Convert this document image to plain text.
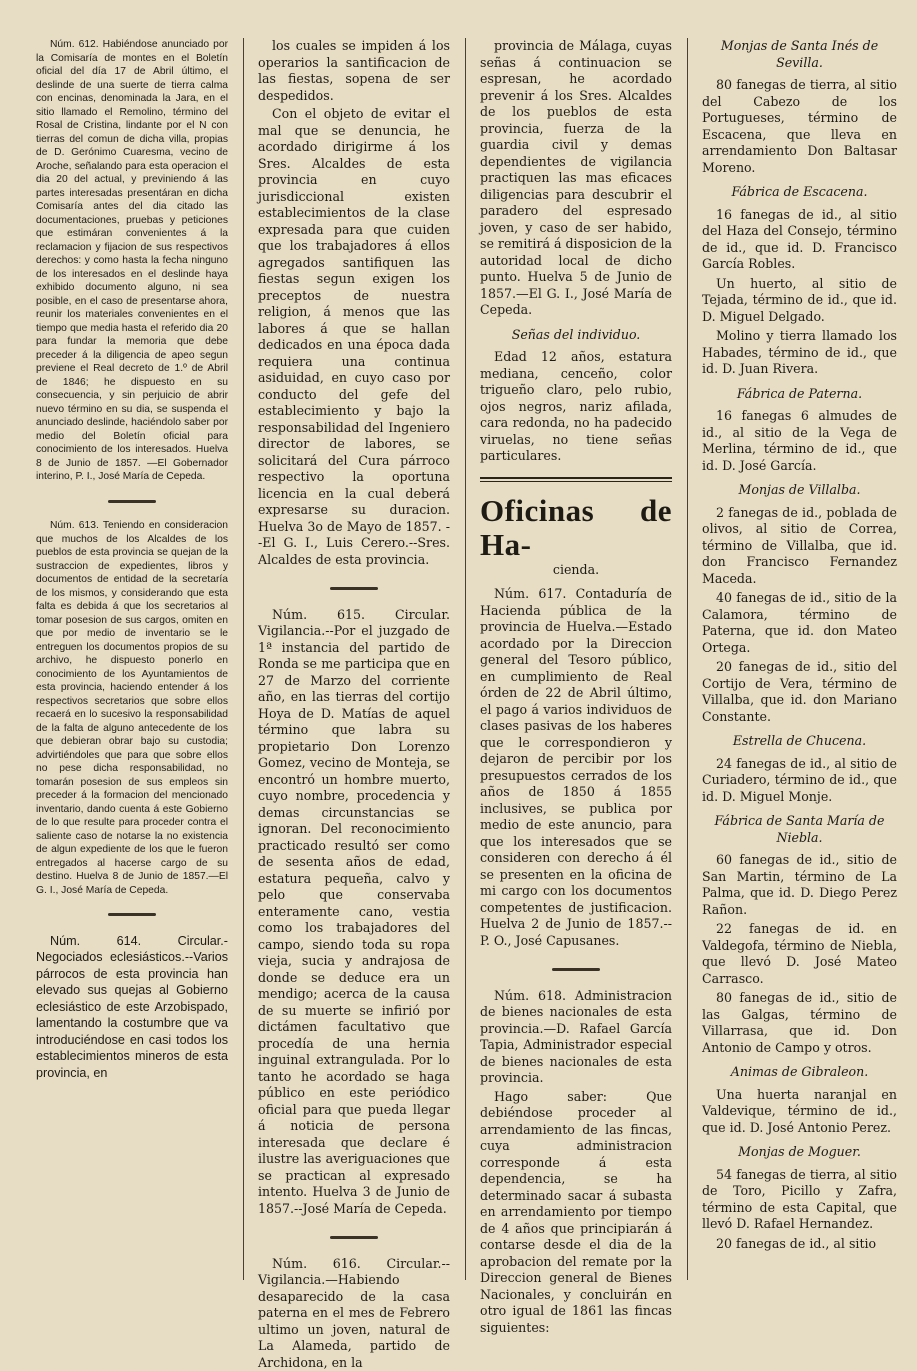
Núm. 612. Habiéndose anunciado por la Comisaría de montes en el Boletín oficial del día 17 de Abril último, el deslinde de una suerte de tierra calma con encinas, denominada la Jara, en el sitio llamado el Remolino, término del Rosal de Cristina, lindante por el N con tierras del comun de dicha villa, propias de D. Gerónimo Cuaresma, vecino de Aroche, señalando para esta operacion el dia 20 del actual, y previniendo á las partes interesadas presentáran en dicha Comisaría antes del dia citado las documentaciones, pruebas y peticiones que estimáran convenientes á la reclamacion y fijacion de sus respectivos derechos: y como hasta la fecha ninguno de los interesados en el deslinde haya exhibido documento alguno, ni sea posible, en el caso de presentarse ahora, reunir los materiales convenientes en el tiempo que media hasta el referido dia 20 para fundar la memoria que debe preceder á la diligencia de apeo segun previene el Real decreto de 1.º de Abril de 1846; he dispuesto en su consecuencia, y sin perjuicio de abrir nuevo término en su dia, se suspenda el anunciado deslinde, haciéndolo saber por medio del Boletín oficial para conocimiento de los interesados. Huelva 8 de Junio de 1857. —El Gobernador interino, P. I., José María de Cepeda.

Núm. 613. Teniendo en consideracion que muchos de los Alcaldes de los pueblos de esta provincia se quejan de la sustraccion de expedientes, libros y documentos de entidad de la secretaría de los mismos, y considerando que esta falta es debida á que los secretarios al tomar posesion de sus cargos, omiten en que por medio de inventario se le entreguen los documentos propios de su archivo, he dispuesto ponerlo en conocimiento de los Ayuntamientos de esta provincia, haciendo entender á los respectivos secretarios que sobre ellos recaerá en lo sucesivo la responsabilidad de la falta de alguno antecedente de los que debieran obrar bajo su custodia; advirtiéndoles que para que sobre ellos no pese dicha responsabilidad, no tomarán posesion de sus empleos sin preceder á la formacion del mencionado inventario, dando cuenta á este Gobierno de lo que resulte para proceder contra el saliente caso de notarse la no existencia de algun expediente de los que le fueron entregados al hacerse cargo de su destino. Huelva 8 de Junio de 1857.—El G. I., José María de Cepeda.

Núm. 614. Circular.-Negociados eclesiásticos.--Varios párrocos de esta provincia han elevado sus quejas al Gobierno eclesiástico de este Arzobispado, lamentando la costumbre que va introduciéndose en casi todos los establecimientos mineros de esta provincia, en

los cuales se impiden á los operarios la santificacion de las fiestas, sopena de ser despedidos.

Con el objeto de evitar el mal que se denuncia, he acordado dirigirme á los Sres. Alcaldes de esta provincia en cuyo jurisdiccional existen establecimientos de la clase expresada para que cuiden que los trabajadores á ellos agregados santifiquen las fiestas segun exigen los preceptos de nuestra religion, á menos que las labores á que se hallan dedicados en una época dada requiera una continua asiduidad, en cuyo caso por conducto del gefe del establecimiento y bajo la responsabilidad del Ingeniero director de labores, se solicitará del Cura párroco respectivo la oportuna licencia en la cual deberá expresarse su duracion. Huelva 3o de Mayo de 1857. --El G. I., Luis Cerero.--Sres. Alcaldes de esta provincia.

Núm. 615. Circular. Vigilancia.--Por el juzgado de 1ª instancia del partido de Ronda se me participa que en 27 de Marzo del corriente año, en las tierras del cortijo Hoya de D. Matías de aquel término que labra su propietario Don Lorenzo Gomez, vecino de Monteja, se encontró un hombre muerto, cuyo nombre, procedencia y demas circunstancias se ignoran. Del reconocimiento practicado resultó ser como de sesenta años de edad, estatura pequeña, calvo y pelo que conservaba enteramente cano, vestia como los trabajadores del campo, siendo toda su ropa vieja, sucia y andrajosa de donde se deduce era un mendigo; acerca de la causa de su muerte se infirió por dictámen facultativo que procedía de una hernia inguinal extrangulada. Por lo tanto he acordado se haga público en este periódico oficial para que pueda llegar á noticia de persona interesada que declare é ilustre las averiguaciones que se practican al expresado intento. Huelva 3 de Junio de 1857.--José María de Cepeda.

Núm. 616. Circular.--Vigilancia.—Habiendo desaparecido de la casa paterna en el mes de Febrero ultimo un joven, natural de La Alameda, partido de Archidona, en la

provincia de Málaga, cuyas señas á continuacion se espresan, he acordado prevenir á los Sres. Alcaldes de los pueblos de esta provincia, fuerza de la guardia civil y demas dependientes de vigilancia practiquen las mas eficaces diligencias para descubrir el paradero del espresado joven, y caso de ser habido, se remitirá á disposicion de la autoridad local de dicho punto. Huelva 5 de Junio de 1857.—El G. I., José María de Cepeda.

Señas del individuo.

Edad 12 años, estatura mediana, cenceño, color trigueño claro, pelo rubio, ojos negros, nariz afilada, cara redonda, no ha padecido viruelas, no tiene señas particulares.

Oficinas de Ha-

cienda.

Núm. 617. Contaduría de Hacienda pública de la provincia de Huelva.—Estado acordado por la Direccion general del Tesoro público, en cumplimiento de Real órden de 22 de Abril último, el pago á varios individuos de clases pasivas de los haberes que le correspondieron y dejaron de percibir por los presupuestos cerrados de los años de 1850 á 1855 inclusives, se publica por medio de este anuncio, para que los interesados que se consideren con derecho á él se presenten en la oficina de mi cargo con los documentos competentes de justificacion. Huelva 2 de Junio de 1857.-- P. O., José Capusanes.

Núm. 618. Administracion de bienes nacionales de esta provincia.—D. Rafael García Tapia, Administrador especial de bienes nacionales de esta provincia.

Hago saber: Que debiéndose proceder al arrendamiento de las fincas, cuya administracion corresponde á esta dependencia, se ha determinado sacar á subasta en arrendamiento por tiempo de 4 años que principiarán á contarse desde el dia de la aprobacion del remate por la Direccion general de Bienes Nacionales, y concluirán en otro igual de 1861 las fincas siguientes:

Monjas de Santa Inés de Sevilla.

80 fanegas de tierra, al sitio del Cabezo de los Portugueses, término de Escacena, que lleva en arrendamiento Don Baltasar Moreno.

Fábrica de Escacena.

16 fanegas de id., al sitio del Haza del Consejo, término de id., que id. D. Francisco García Robles.

Un huerto, al sitio de Tejada, término de id., que id. D. Miguel Delgado.

Molino y tierra llamado los Habades, término de id., que id. D. Juan Rivera.

Fábrica de Paterna.

16 fanegas 6 almudes de id., al sitio de la Vega de Merlina, término de id., que id. D. José García.

Monjas de Villalba.

2 fanegas de id., poblada de olivos, al sitio de Correa, término de Villalba, que id. don Francisco Fernandez Maceda.

40 fanegas de id., sitio de la Calamora, término de Paterna, que id. don Mateo Ortega.

20 fanegas de id., sitio del Cortijo de Vera, término de Villalba, que id. don Mariano Constante.

Estrella de Chucena.

24 fanegas de id., al sitio de Curiadero, término de id., que id. D. Miguel Monje.

Fábrica de Santa María de Niebla.

60 fanegas de id., sitio de San Martin, término de La Palma, que id. D. Diego Perez Rañon.

22 fanegas de id. en Valdegofa, término de Niebla, que llevó D. José Mateo Carrasco.

80 fanegas de id., sitio de las Galgas, término de Villarrasa, que id. Don Antonio de Campo y otros.

Animas de Gibraleon.

Una huerta naranjal en Valdevique, término de id., que id. D. José Antonio Perez.

Monjas de Moguer.

54 fanegas de tierra, al sitio de Toro, Picillo y Zafra, término de esta Capital, que llevó D. Rafael Hernandez.

20 fanegas de id., al sitio
